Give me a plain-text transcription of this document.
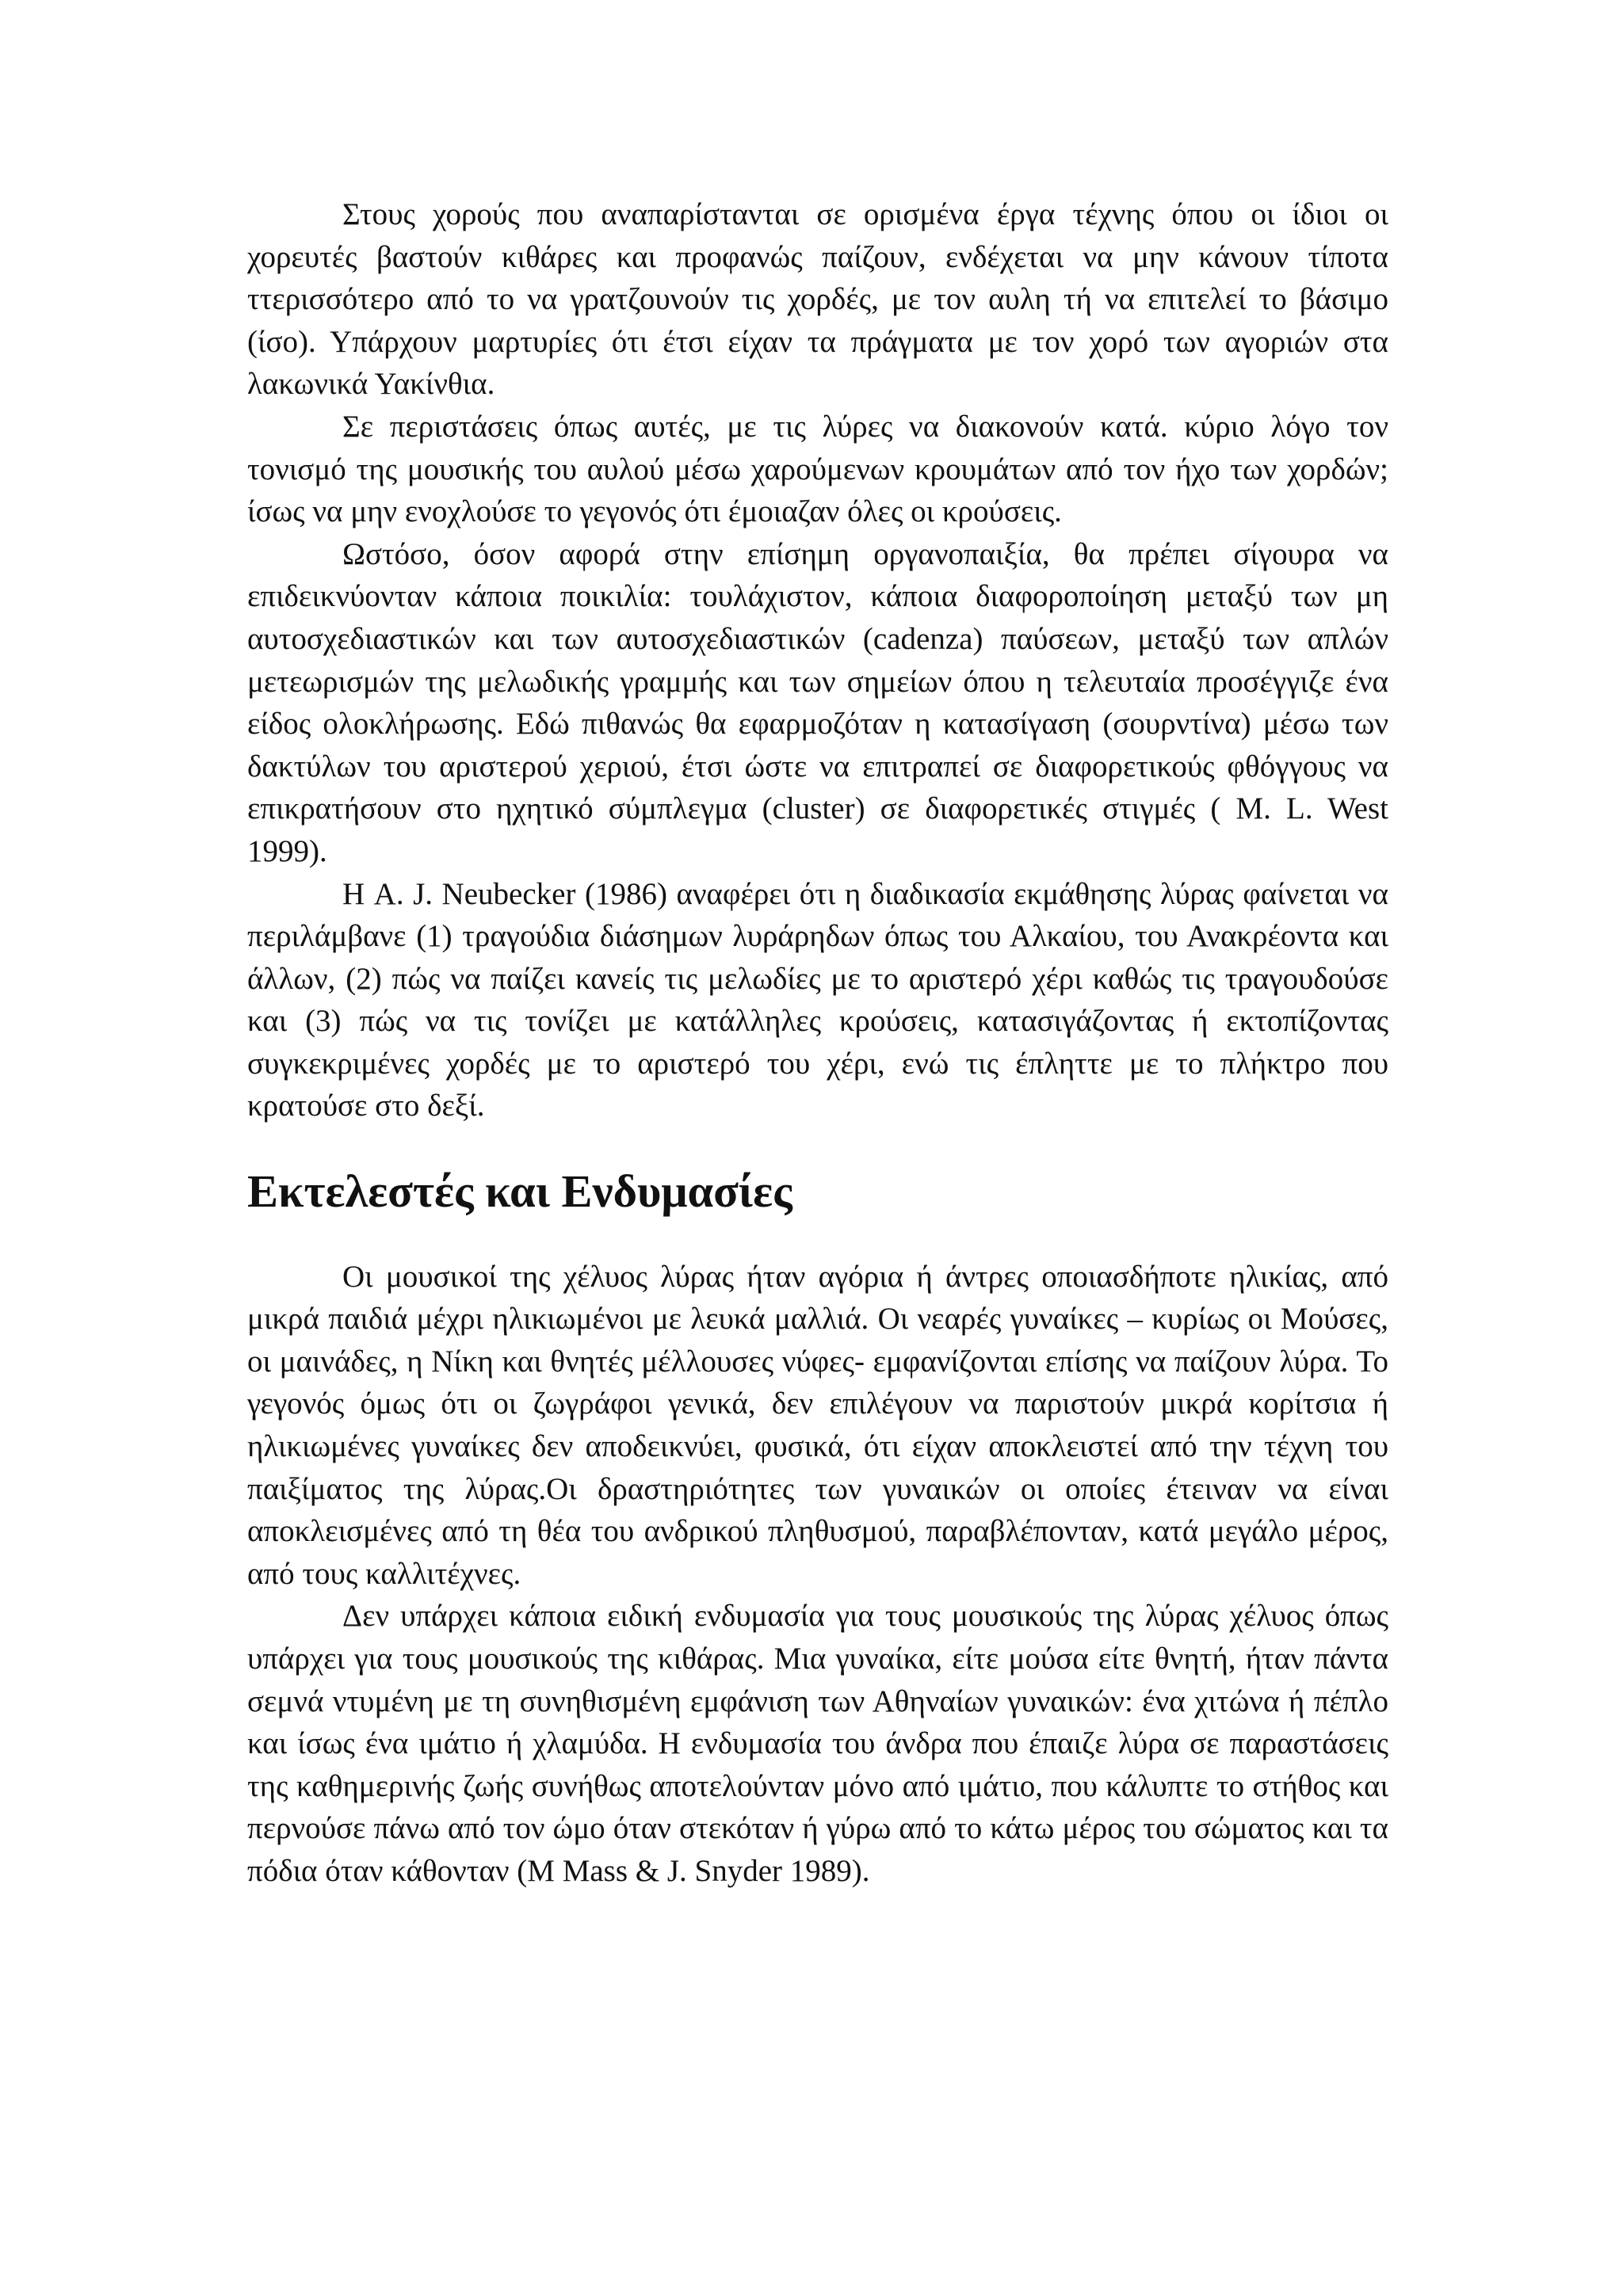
Στους χορούς που αναπαρίστανται σε ορισμένα έργα τέχνης όπου οι ίδιοι οι χορευτές βαστούν κιθάρες και προφανώς παίζουν, ενδέχεται να μην κάνουν τίποτα ττερισσότερο από το να γρατζουνούν τις χορδές, με τον αυλη τή να επιτελεί το βάσιμο (ίσο). Υπάρχουν μαρτυρίες ότι έτσι είχαν τα πράγματα με τον χορό των αγοριών στα λακωνικά Υακίνθια.

Σε περιστάσεις όπως αυτές, με τις λύρες να διακονούν κατά. κύριο λόγο τον τονισμό της μουσικής του αυλού μέσω χαρούμενων κρουμάτων από τον ήχο των χορδών; ίσως να μην ενοχλούσε το γεγονός ότι έμοιαζαν όλες οι κρούσεις.

Ωστόσο, όσον αφορά στην επίσημη οργανοπαιξία, θα πρέπει σίγουρα να επιδεικνύονταν κάποια ποικιλία: τουλάχιστον, κάποια διαφοροποίηση μεταξύ των μη αυτοσχεδιαστικών και των αυτοσχεδιαστικών (cadenza) παύσεων, μεταξύ των απλών μετεωρισμών της μελωδικής γραμμής και των σημείων όπου η τελευταία προσέγγιζε ένα είδος ολοκλήρωσης. Εδώ πιθανώς θα εφαρμοζόταν η κατασίγαση (σουρντίνα) μέσω των δακτύλων του αριστερού χεριού, έτσι ώστε να επιτραπεί σε διαφορετικούς φθόγγους να επικρατήσουν στο ηχητικό σύμπλεγμα (cluster) σε διαφορετικές στιγμές ( M. L. West 1999).

Η A. J. Neubecker (1986) αναφέρει ότι η διαδικασία εκμάθησης λύρας φαίνεται να περιλάμβανε (1) τραγούδια διάσημων λυράρηδων όπως του Αλκαίου, του Ανακρέοντα και άλλων, (2) πώς να παίζει κανείς τις μελωδίες με το αριστερό χέρι καθώς τις τραγουδούσε και (3) πώς να τις τονίζει με κατάλληλες κρούσεις, κατασιγάζοντας ή εκτοπίζοντας συγκεκριμένες χορδές με το αριστερό του χέρι, ενώ τις έπληττε με το πλήκτρο που κρατούσε στο δεξί.

Εκτελεστές και Ενδυμασίες

Οι μουσικοί της χέλυος λύρας ήταν αγόρια ή άντρες οποιασδήποτε ηλικίας, από μικρά παιδιά μέχρι ηλικιωμένοι με λευκά μαλλιά. Οι νεαρές γυναίκες – κυρίως οι Μούσες, οι μαινάδες, η Νίκη και θνητές μέλλουσες νύφες- εμφανίζονται επίσης να παίζουν λύρα. Το γεγονός όμως ότι οι ζωγράφοι γενικά, δεν επιλέγουν να παριστούν μικρά κορίτσια ή ηλικιωμένες γυναίκες δεν αποδεικνύει, φυσικά, ότι είχαν αποκλειστεί από την τέχνη του παιξίματος της λύρας.Οι δραστηριότητες των γυναικών οι οποίες έτειναν να είναι αποκλεισμένες από τη θέα του ανδρικού πληθυσμού, παραβλέπονταν, κατά μεγάλο μέρος, από τους καλλιτέχνες.

Δεν υπάρχει κάποια ειδική ενδυμασία για τους μουσικούς της λύρας χέλυος όπως υπάρχει για τους μουσικούς της κιθάρας. Μια γυναίκα, είτε μούσα είτε θνητή, ήταν πάντα σεμνά ντυμένη με τη συνηθισμένη εμφάνιση των Αθηναίων γυναικών: ένα χιτώνα ή πέπλο και ίσως ένα ιμάτιο ή χλαμύδα. Η ενδυμασία του άνδρα που έπαιζε λύρα σε παραστάσεις της καθημερινής ζωής συνήθως αποτελούνταν μόνο από ιμάτιο, που κάλυπτε το στήθος και περνούσε πάνω από τον ώμο όταν στεκόταν ή γύρω από το κάτω μέρος του σώματος και τα πόδια όταν κάθονταν (M Mass & J. Snyder 1989).
